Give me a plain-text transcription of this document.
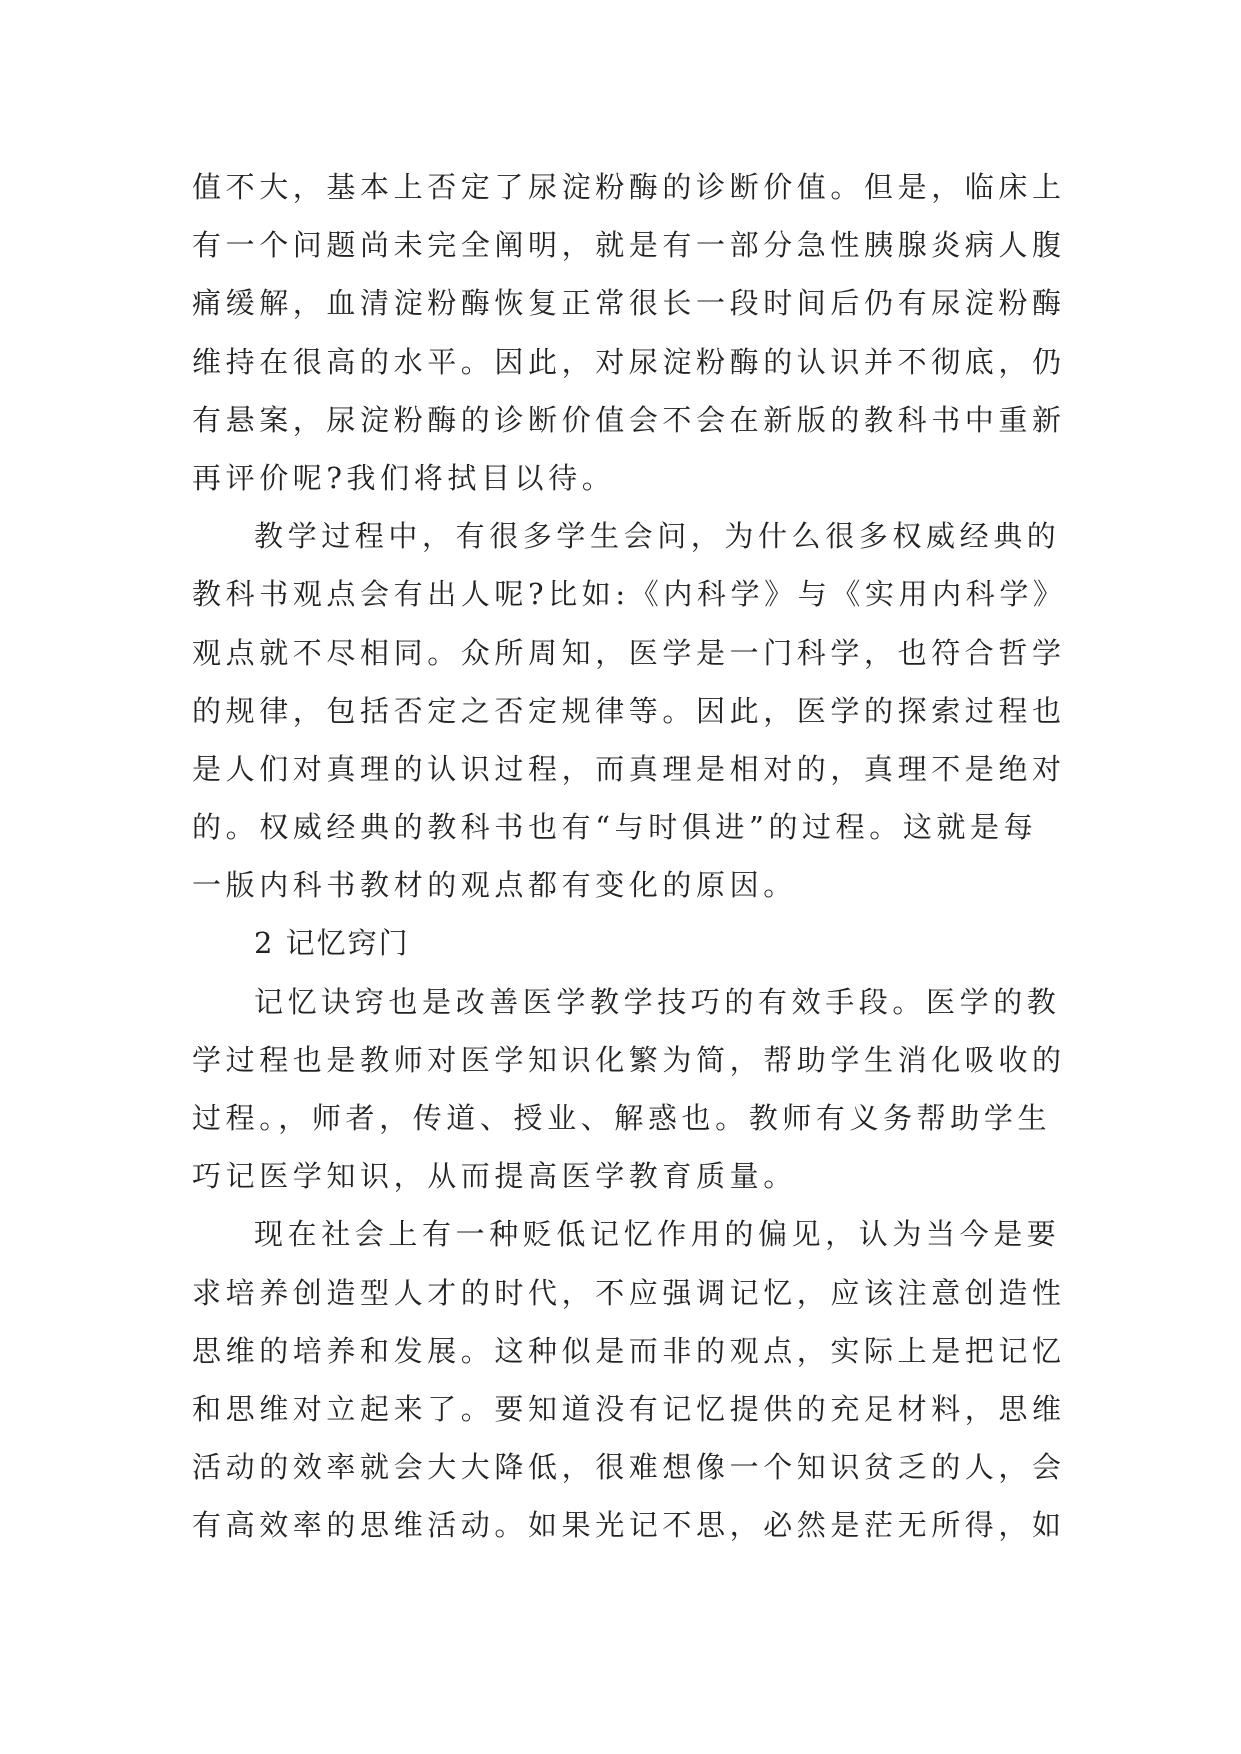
值不大，基本上否定了尿淀粉酶的诊断价值。但是，临床上
有一个问题尚未完全阐明，就是有一部分急性胰腺炎病人腹
痛缓解，血清淀粉酶恢复正常很长一段时间后仍有尿淀粉酶
维持在很高的水平。因此，对尿淀粉酶的认识并不彻底，仍
有悬案，尿淀粉酶的诊断价值会不会在新版的教科书中重新
再评价呢?我们将拭目以待。
教学过程中，有很多学生会问，为什么很多权威经典的
教科书观点会有出人呢?比如:《内科学》与《实用内科学》
观点就不尽相同。众所周知，医学是一门科学，也符合哲学
的规律，包括否定之否定规律等。因此，医学的探索过程也
是人们对真理的认识过程，而真理是相对的，真理不是绝对
的。权威经典的教科书也有“与时俱进”的过程。这就是每
一版内科书教材的观点都有变化的原因。
2 记忆窍门
记忆诀窍也是改善医学教学技巧的有效手段。医学的教
学过程也是教师对医学知识化繁为简，帮助学生消化吸收的
过程。，师者，传道、授业、解惑也。教师有义务帮助学生
巧记医学知识，从而提高医学教育质量。
现在社会上有一种贬低记忆作用的偏见，认为当今是要
求培养创造型人才的时代，不应强调记忆，应该注意创造性
思维的培养和发展。这种似是而非的观点，实际上是把记忆
和思维对立起来了。要知道没有记忆提供的充足材料，思维
活动的效率就会大大降低，很难想像一个知识贫乏的人，会
有高效率的思维活动。如果光记不思，必然是茫无所得，如
